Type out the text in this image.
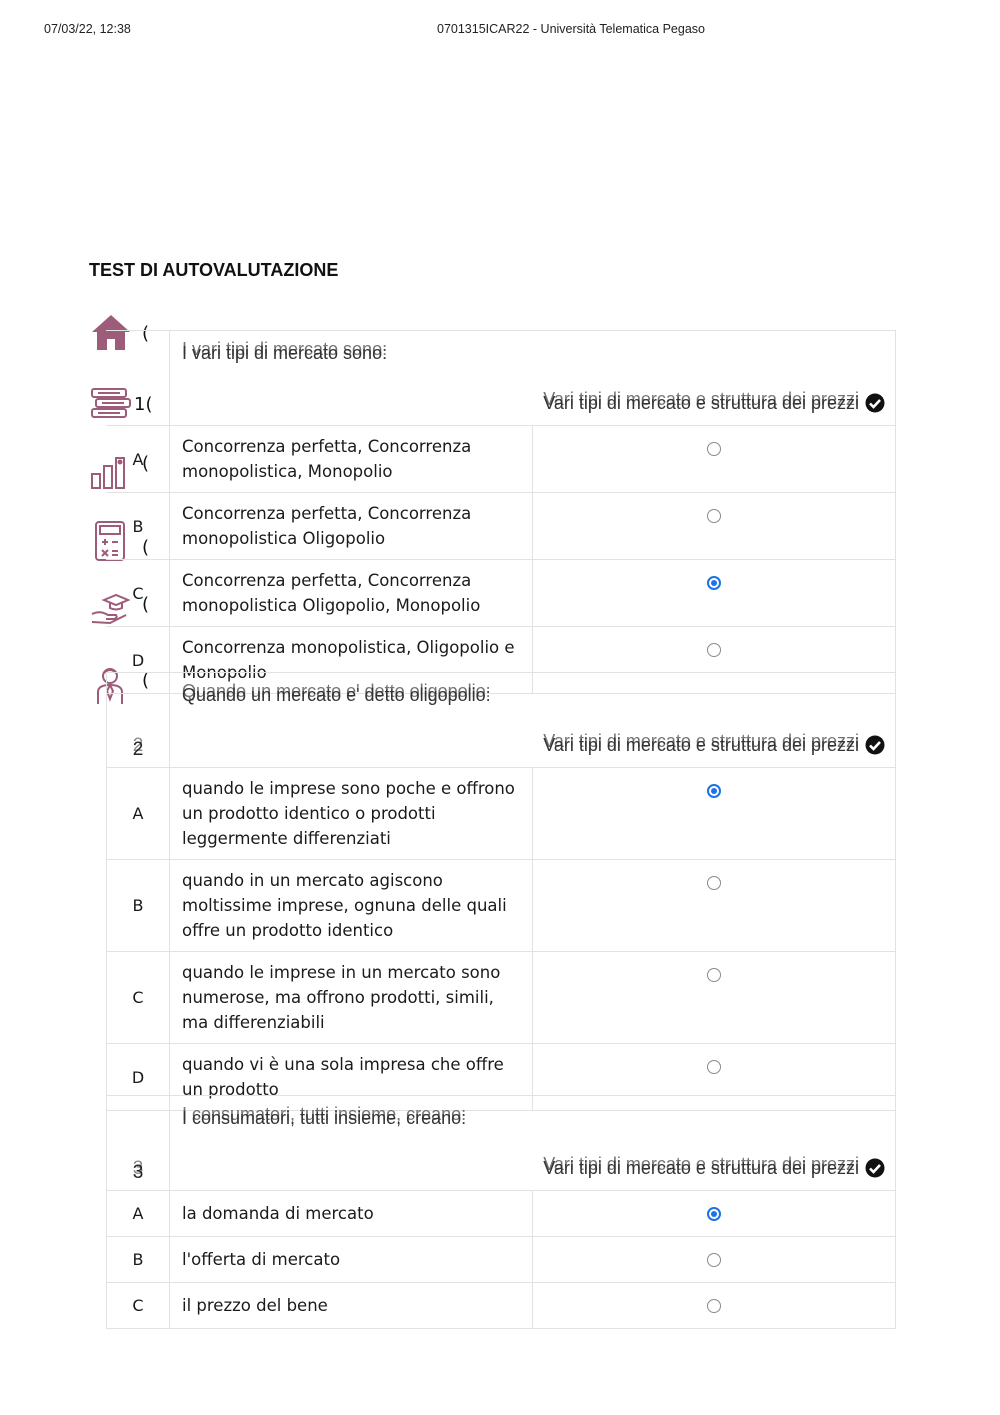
07/03/22, 12:38	0701315ICAR22 - Università Telematica Pegaso
TEST DI AUTOVALUTAZIONE
(
1(
(
(
(
(

	I vari tipi di mercato sono:
Vari tipi di mercato e struttura dei prezzi	

A	Concorrenza perfetta, Concorrenza monopolistica, Monopolio	
B	Concorrenza perfetta, Concorrenza monopolistica Oligopolio	
C	Concorrenza perfetta, Concorrenza monopolistica Oligopolio, Monopolio	
D	Concorrenza monopolistica, Oligopolio e Monopolio	
2	Quando un mercato e' detto oligopolio:
Vari tipi di mercato e struttura dei prezzi	

A	quando le imprese sono poche e offrono un prodotto identico o prodotti leggermente differenziati	
B	quando in un mercato agiscono moltissime imprese, ognuna delle quali offre un prodotto identico	
C	quando le imprese in un mercato sono numerose, ma offrono prodotti, simili, ma differenziabili	
D	quando vi è una sola impresa che offre un prodotto	
3	I consumatori, tutti insieme, creano:
Vari tipi di mercato e struttura dei prezzi	

A	la domanda di mercato	
B	l'offerta di mercato	
C	il prezzo del bene	
